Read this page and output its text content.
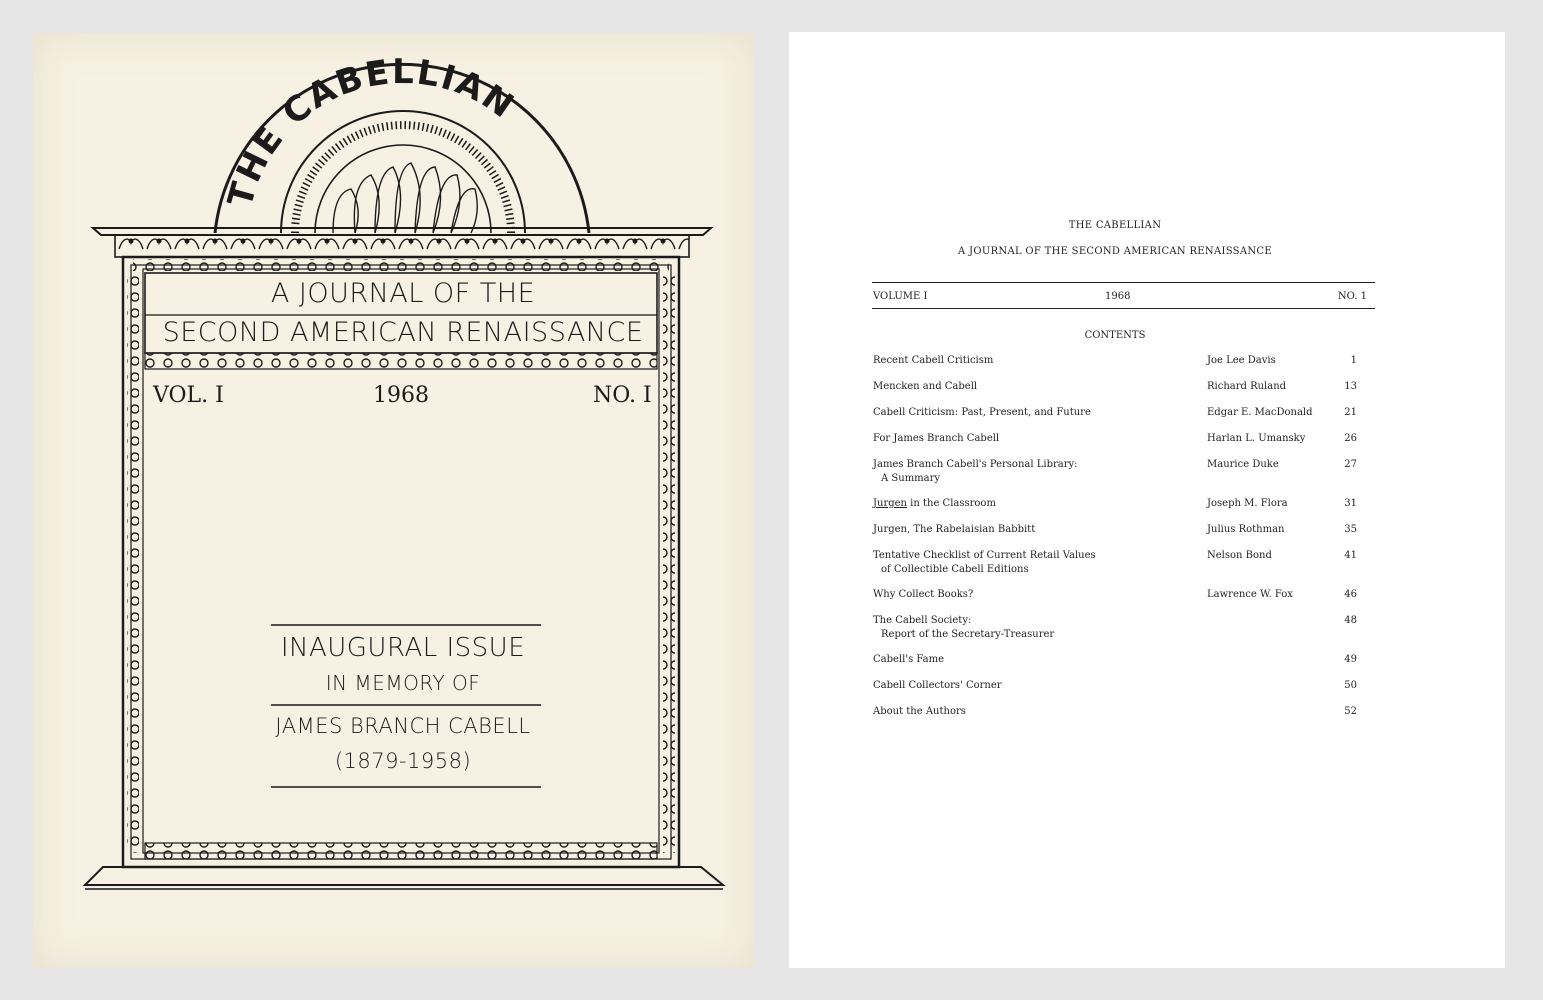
THE CABELLIAN
A JOURNAL OF THE
SECOND AMERICAN RENAISSANCE
VOL. I	1968	NO. I
INAUGURAL ISSUE
IN MEMORY OF
JAMES BRANCH CABELL
(1879-1958)
THE CABELLIAN
A JOURNAL OF THE SECOND AMERICAN RENAISSANCE
VOLUME I	1968	NO. 1
CONTENTS
Recent Cabell Criticism	Joe Lee Davis	1
Mencken and Cabell	Richard Ruland	13
Cabell Criticism: Past, Present, and Future	Edgar E. MacDonald	21
For James Branch Cabell	Harlan L. Umansky	26
James Branch Cabell's Personal Library:
A Summary
Maurice Duke	27
Jurgen in the Classroom	Joseph M. Flora	31
Jurgen, The Rabelaisian Babbitt	Julius Rothman	35
Tentative Checklist of Current Retail Values
of Collectible Cabell Editions
Nelson Bond	41
Why Collect Books?	Lawrence W. Fox	46
The Cabell Society:
Report of the Secretary-Treasurer
48
Cabell's Fame	49
Cabell Collectors' Corner	50
About the Authors	52
